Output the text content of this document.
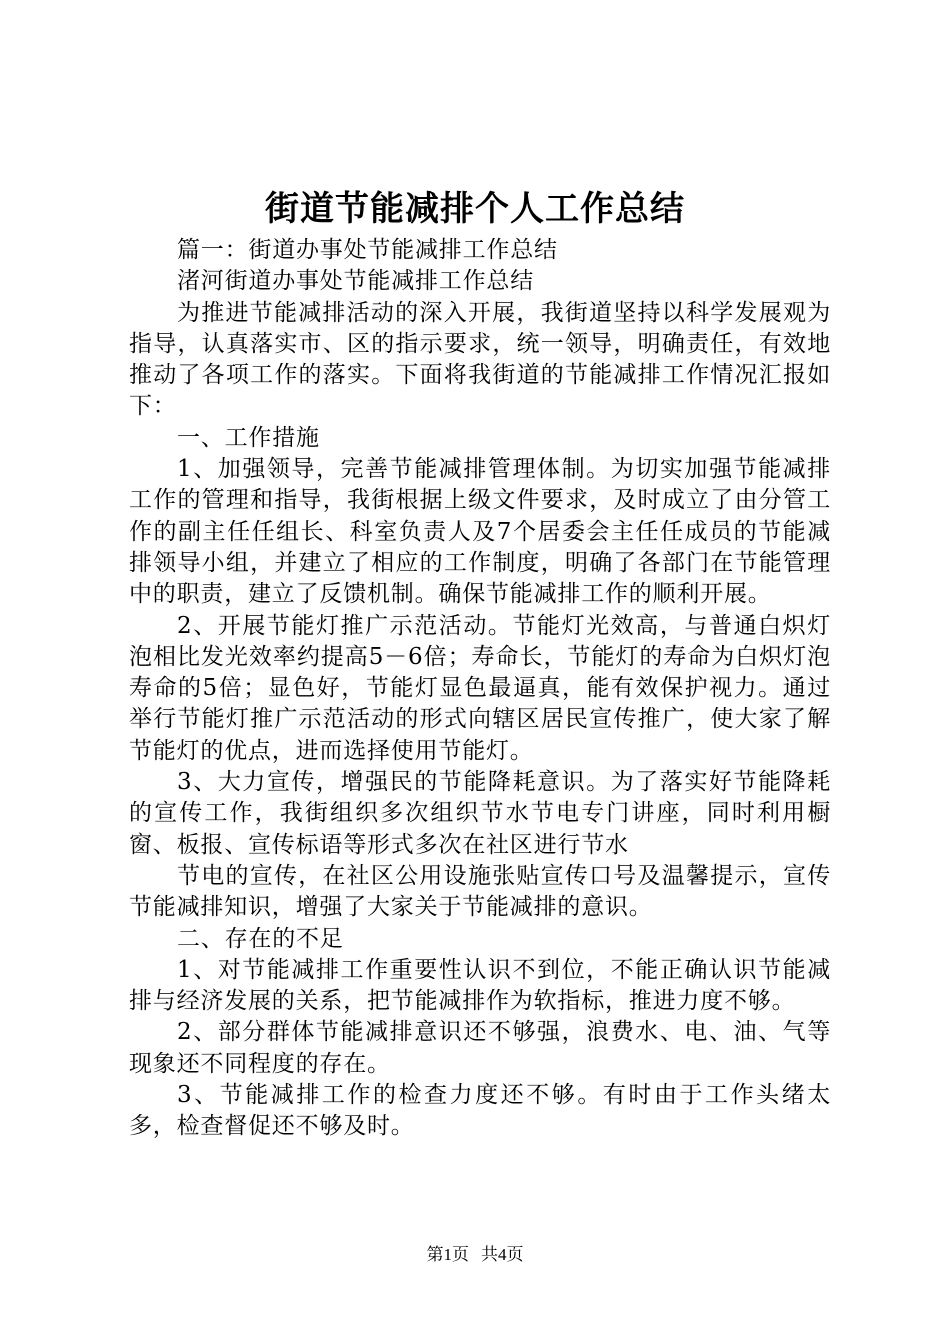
街道节能减排个人工作总结

篇一：街道办事处节能减排工作总结

渚河街道办事处节能减排工作总结

为推进节能减排活动的深入开展，我街道坚持以科学发展观为指导，认真落实市、区的指示要求，统一领导，明确责任，有效地推动了各项工作的落实。下面将我街道的节能减排工作情况汇报如下：

一、工作措施

1、加强领导，完善节能减排管理体制。为切实加强节能减排工作的管理和指导，我街根据上级文件要求，及时成立了由分管工作的副主任任组长、科室负责人及7个居委会主任任成员的节能减排领导小组，并建立了相应的工作制度，明确了各部门在节能管理中的职责，建立了反馈机制。确保节能减排工作的顺利开展。

2、开展节能灯推广示范活动。节能灯光效高，与普通白炽灯泡相比发光效率约提高5－6倍；寿命长，节能灯的寿命为白炽灯泡寿命的5倍；显色好，节能灯显色最逼真，能有效保护视力。通过举行节能灯推广示范活动的形式向辖区居民宣传推广，使大家了解节能灯的优点，进而选择使用节能灯。

3、大力宣传，增强民的节能降耗意识。为了落实好节能降耗的宣传工作，我街组织多次组织节水节电专门讲座，同时利用橱窗、板报、宣传标语等形式多次在社区进行节水

节电的宣传，在社区公用设施张贴宣传口号及温馨提示，宣传节能减排知识，增强了大家关于节能减排的意识。

二、存在的不足

1、对节能减排工作重要性认识不到位，不能正确认识节能减排与经济发展的关系，把节能减排作为软指标，推进力度不够。

2、部分群体节能减排意识还不够强，浪费水、电、油、气等现象还不同程度的存在。

3、节能减排工作的检查力度还不够。有时由于工作头绪太多，检查督促还不够及时。

第1页 共4页
